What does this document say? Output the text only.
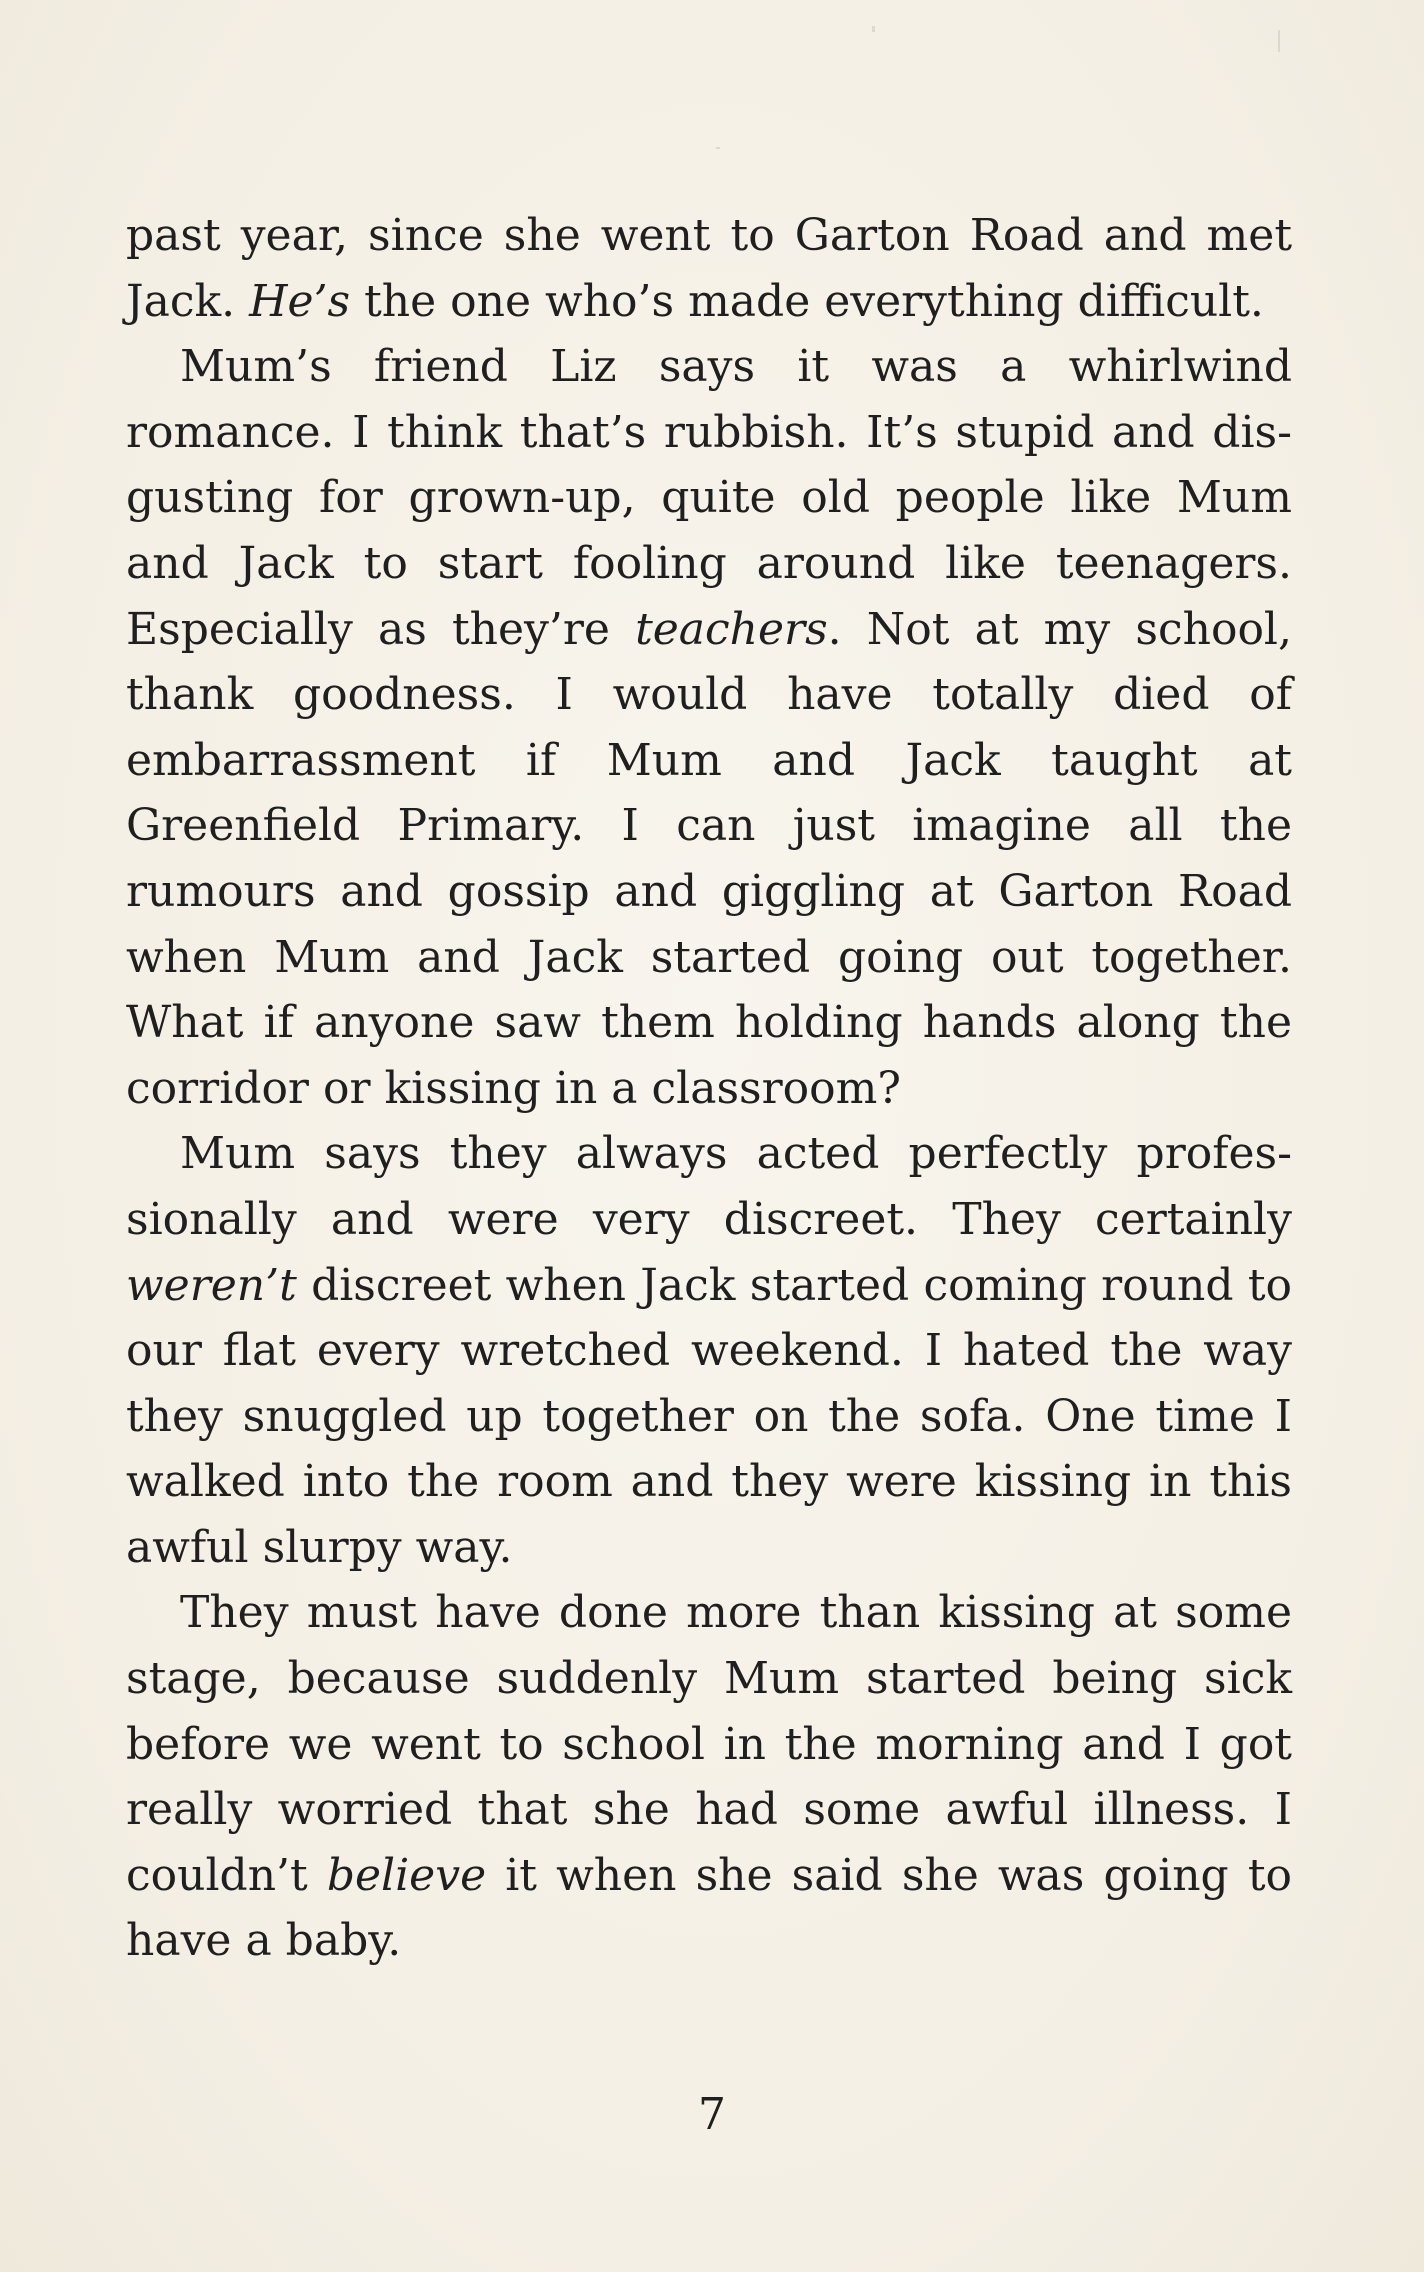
past year, since she went to Garton Road and met Jack. He’s the one who’s made everything difficult.

Mum’s friend Liz says it was a whirlwind romance. I think that’s rubbish. It’s stupid and disgusting for grown-up, quite old people like Mum and Jack to start fooling around like teenagers. Especially as they’re teachers. Not at my school, thank goodness. I would have totally died of embarrassment if Mum and Jack taught at Greenfield Primary. I can just imagine all the rumours and gossip and giggling at Garton Road when Mum and Jack started going out together. What if anyone saw them holding hands along the corridor or kissing in a classroom?

Mum says they always acted perfectly professionally and were very discreet. They certainly weren’t discreet when Jack started coming round to our flat every wretched weekend. I hated the way they snuggled up together on the sofa. One time I walked into the room and they were kissing in this awful slurpy way.

They must have done more than kissing at some stage, because suddenly Mum started being sick before we went to school in the morning and I got really worried that she had some awful illness. I couldn’t believe it when she said she was going to have a baby.

7
